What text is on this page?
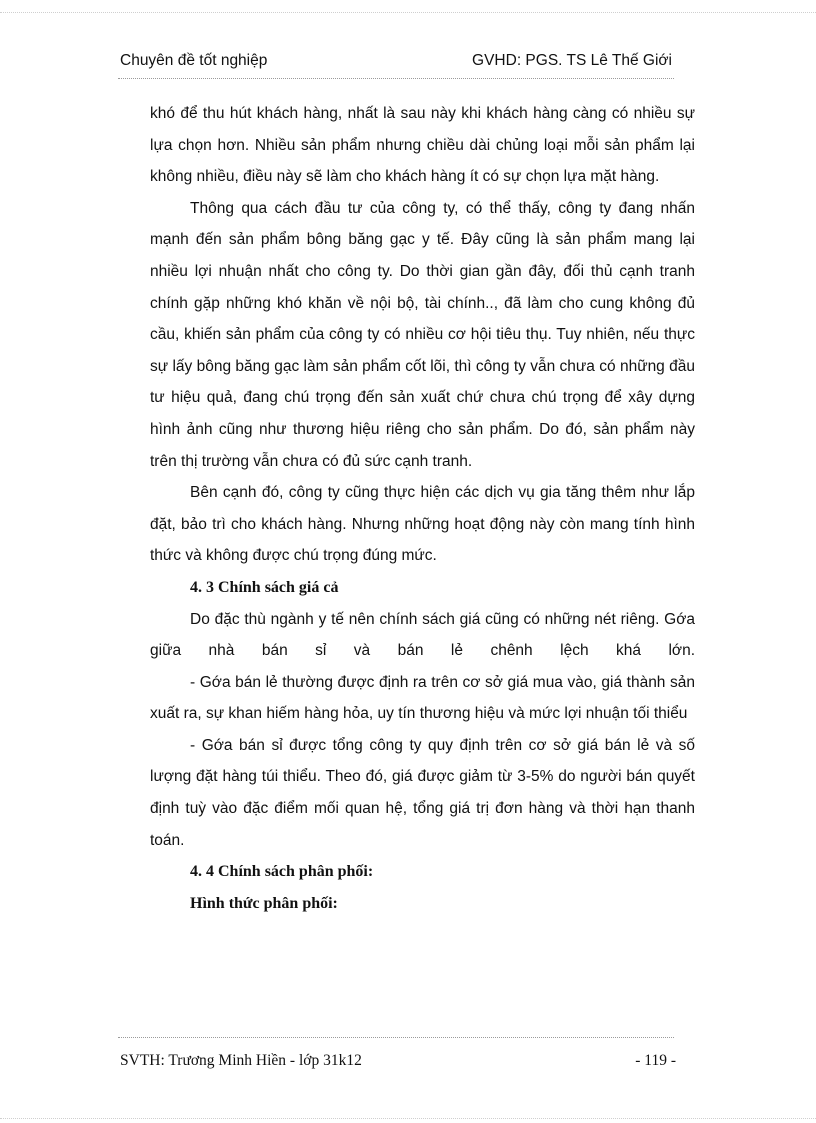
Chuyên đề tốt nghiệp	GVHD: PGS. TS Lê Thế Giới

khó để thu hút khách hàng, nhất là sau này khi khách hàng càng có nhiều sự lựa chọn hơn. Nhiều sản phẩm nhưng chiều dài chủng loại mỗi sản phẩm lại không nhiều, điều này sẽ làm cho khách hàng ít có sự chọn lựa mặt hàng.

Thông qua cách đầu tư của công ty, có thể thấy, công ty đang nhấn mạnh đến sản phẩm bông băng gạc y tế. Đây cũng là sản phẩm mang lại nhiều lợi nhuận nhất cho công ty. Do thời gian gần đây, đối thủ cạnh tranh chính gặp những khó khăn về nội bộ, tài chính.., đã làm cho cung không đủ cầu, khiến sản phẩm của công ty có nhiều cơ hội tiêu thụ. Tuy nhiên, nếu thực sự lấy bông băng gạc làm sản phẩm cốt lõi, thì công ty vẫn chưa có những đầu tư hiệu quả, đang chú trọng đến sản xuất chứ chưa chú trọng để xây dựng hình ảnh cũng như thương hiệu riêng cho sản phẩm. Do đó, sản phẩm này trên thị trường vẫn chưa có đủ sức cạnh tranh.

Bên cạnh đó, công ty cũng thực hiện các dịch vụ gia tăng thêm như lắp đặt, bảo trì cho khách hàng. Nhưng những hoạt động này còn mang tính hình thức và không được chú trọng đúng mức.

4. 3 Chính sách giá cả

Do đặc thù ngành y tế nên chính sách giá cũng có những nét riêng. Gớa giữa nhà bán sỉ và bán lẻ chênh lệch khá lớn.

- Gớa bán lẻ thường được định ra trên cơ sở giá mua vào, giá thành sản xuất ra, sự khan hiếm hàng hỏa, uy tín thương hiệu và mức lợi nhuận tối thiểu

- Gớa bán sỉ được tổng công ty quy định trên cơ sở giá bán lẻ và số lượng đặt hàng túi thiểu. Theo đó, giá được giảm từ 3-5% do người bán quyết định tuỳ vào đặc điểm mối quan hệ, tổng giá trị đơn hàng và thời hạn thanh toán.

4. 4 Chính sách phân phối:

Hình thức phân phối:

SVTH: Trương Minh Hiền - lớp 31k12	- 119 -
